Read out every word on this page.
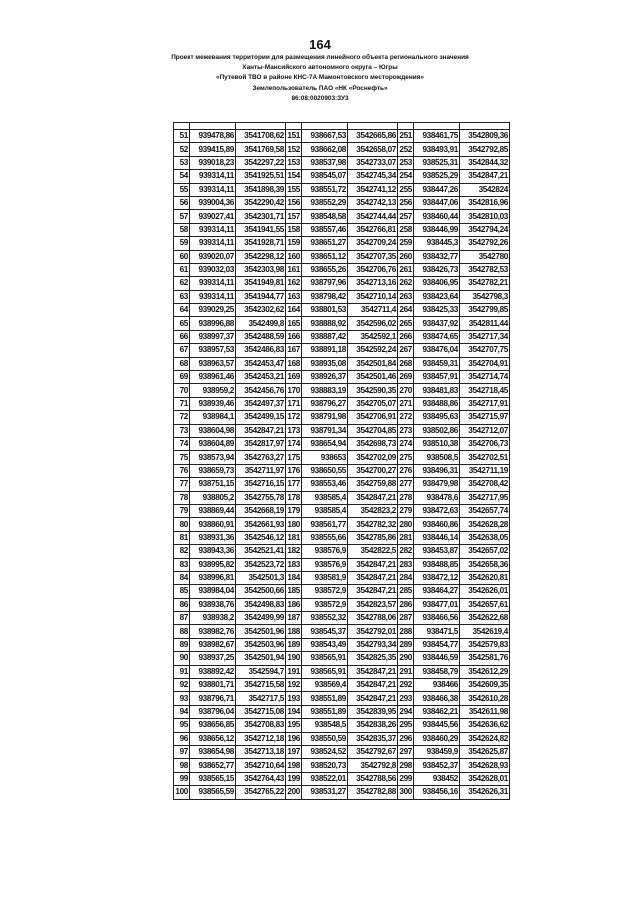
164
Проект межевания территории для размещения линейного объекта регионального значения
Ханты-Мансийского автономного округа – Югры
«Путевой ТВО в районе КНС-7А Мамонтовского месторождения»
Землепользователь ПАО «НК «Роснефть»
86:08:0020903:ЗУ3

51	939478,86	3541708,62	151	938667,53	3542665,86	251	938461,75	3542809,36
52	939415,89	3541769,58	152	938662,08	3542658,07	252	938493,91	3542792,85
53	939018,23	3542297,22	153	938537,98	3542733,07	253	938525,31	3542844,32
54	939314,11	3541925,51	154	938545,07	3542745,34	254	938525,29	3542847,21
55	939314,11	3541898,39	155	938551,72	3542741,12	255	938447,26	3542824
56	939004,36	3542290,42	156	938552,29	3542742,13	256	938447,06	3542816,96
57	939027,41	3542301,71	157	938548,58	3542744,44	257	938460,44	3542810,03
58	939314,11	3541941,55	158	938557,46	3542766,81	258	938446,99	3542794,24
59	939314,11	3541928,71	159	938651,27	3542709,24	259	938445,3	3542792,26
60	939020,07	3542298,12	160	938651,12	3542707,35	260	938432,77	3542780
61	939032,03	3542303,98	161	938655,26	3542706,76	261	938426,73	3542782,53
62	939314,11	3541949,81	162	938797,96	3542713,16	262	938406,95	3542782,21
63	939314,11	3541944,77	163	938798,42	3542710,14	263	938423,64	3542798,3
64	939029,25	3542302,62	164	938801,53	3542711,4	264	938425,33	3542799,85
65	938996,88	3542499,8	165	938888,92	3542596,02	265	938437,92	3542811,44
66	938997,37	3542488,59	166	938887,42	3542592,1	266	938474,65	3542717,34
67	938957,53	3542486,83	167	938891,18	3542592,24	267	938476,04	3542707,75
68	938963,57	3542453,47	168	938935,08	3542501,84	268	938459,31	3542704,91
69	938961,46	3542453,21	169	938926,37	3542501,46	269	938457,91	3542714,74
70	938959,2	3542456,76	170	938883,19	3542590,35	270	938481,83	3542718,45
71	938939,46	3542497,37	171	938796,27	3542705,07	271	938488,86	3542717,91
72	938984,1	3542499,15	172	938791,98	3542706,91	272	938495,63	3542715,97
73	938604,98	3542847,21	173	938791,34	3542704,85	273	938502,86	3542712,07
74	938604,89	3542817,97	174	938654,94	3542698,73	274	938510,38	3542706,73
75	938573,94	3542763,27	175	938653	3542702,09	275	938508,5	3542702,51
76	938659,73	3542711,97	176	938650,55	3542700,27	276	938496,31	3542711,19
77	938751,15	3542716,15	177	938553,46	3542759,88	277	938479,98	3542708,42
78	938805,2	3542755,78	178	938585,4	3542847,21	278	938478,6	3542717,95
79	938869,44	3542668,19	179	938585,4	3542823,2	279	938472,63	3542657,74
80	938860,91	3542661,93	180	938561,77	3542782,32	280	938460,86	3542628,28
81	938931,36	3542546,12	181	938555,66	3542785,86	281	938446,14	3542638,05
82	938943,36	3542521,41	182	938576,9	3542822,5	282	938453,87	3542657,02
83	938995,82	3542523,72	183	938576,9	3542847,21	283	938488,85	3542658,36
84	938996,81	3542501,3	184	938581,9	3542847,21	284	938472,12	3542620,81
85	938984,04	3542500,66	185	938572,9	3542847,21	285	938464,27	3542626,01
86	938938,76	3542498,83	186	938572,9	3542823,57	286	938477,01	3542657,61
87	938938,2	3542499,99	187	938552,32	3542788,06	287	938466,56	3542622,68
88	938982,76	3542501,96	188	938545,37	3542792,01	288	938471,5	3542619,4
89	938982,67	3542503,96	189	938543,49	3542793,34	289	938454,77	3542579,83
90	938937,25	3542501,94	190	938565,91	3542825,35	290	938446,59	3542581,76
91	938892,42	3542594,7	191	938565,91	3542847,21	291	938458,79	3542612,29
92	938801,71	3542715,58	192	938569,4	3542847,21	292	938466	3542609,35
93	938796,71	3542717,5	193	938551,89	3542847,21	293	938466,38	3542610,28
94	938796,04	3542715,08	194	938551,89	3542839,95	294	938462,21	3542611,98
95	938656,85	3542708,83	195	938548,5	3542838,26	295	938445,56	3542636,62
96	938656,12	3542712,18	196	938550,59	3542835,37	296	938460,29	3542624,82
97	938654,98	3542713,18	197	938524,52	3542792,67	297	938459,9	3542625,87
98	938652,77	3542710,64	198	938520,73	3542792,8	298	938452,37	3542628,93
99	938565,15	3542764,43	199	938522,01	3542788,56	299	938452	3542628,01
100	938565,59	3542765,22	200	938531,27	3542782,88	300	938456,16	3542626,31
